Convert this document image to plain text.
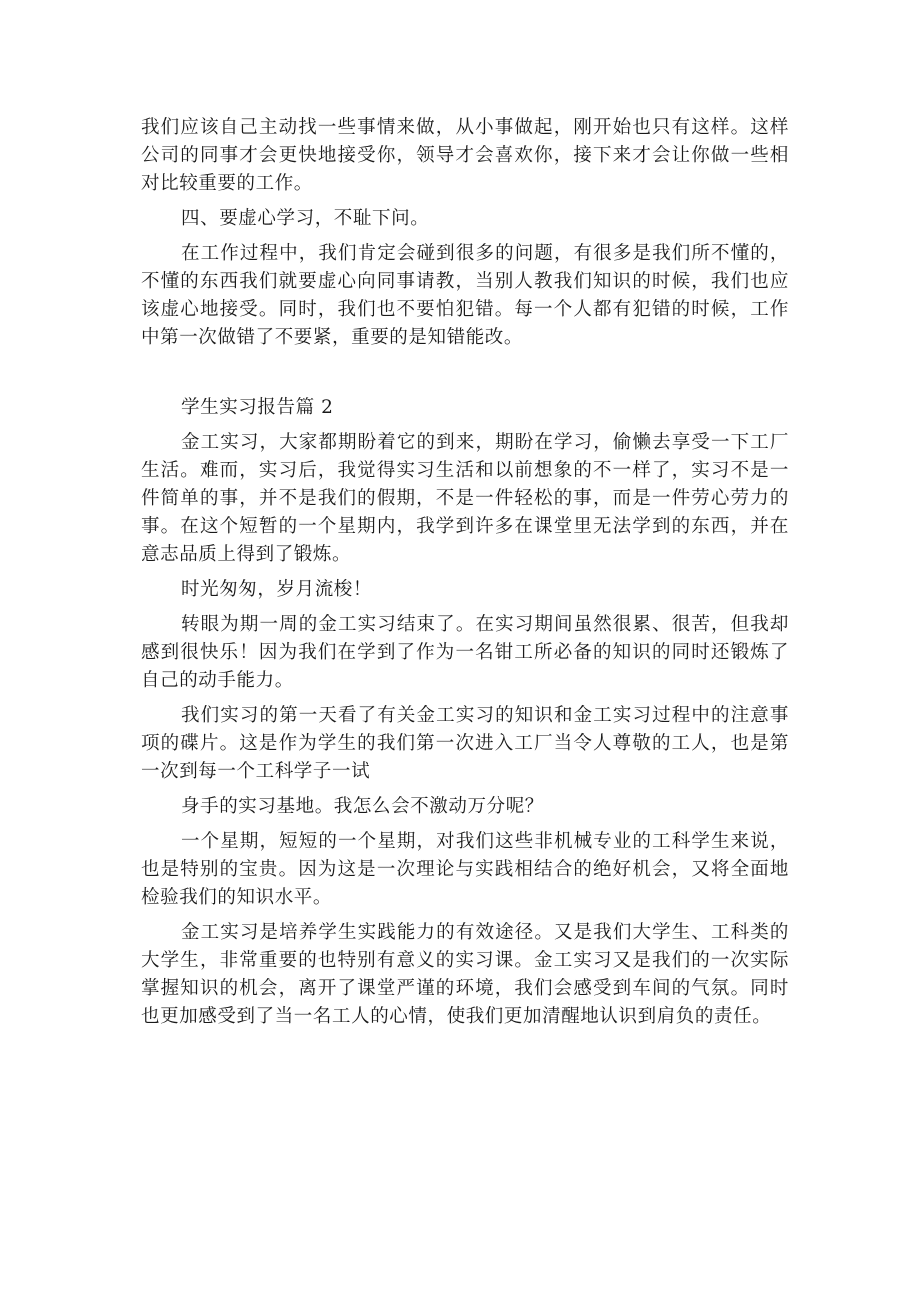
我们应该自己主动找一些事情来做，从小事做起，刚开始也只有这样。这样公司的同事才会更快地接受你，领导才会喜欢你，接下来才会让你做一些相对比较重要的工作。

四、要虚心学习，不耻下问。

在工作过程中，我们肯定会碰到很多的问题，有很多是我们所不懂的，不懂的东西我们就要虚心向同事请教，当别人教我们知识的时候，我们也应该虚心地接受。同时，我们也不要怕犯错。每一个人都有犯错的时候，工作中第一次做错了不要紧，重要的是知错能改。

学生实习报告篇 2

金工实习，大家都期盼着它的到来，期盼在学习，偷懒去享受一下工厂生活。难而，实习后，我觉得实习生活和以前想象的不一样了，实习不是一件简单的事，并不是我们的假期，不是一件轻松的事，而是一件劳心劳力的事。在这个短暂的一个星期内，我学到许多在课堂里无法学到的东西，并在意志品质上得到了锻炼。

时光匆匆，岁月流梭！

转眼为期一周的金工实习结束了。在实习期间虽然很累、很苦，但我却感到很快乐！因为我们在学到了作为一名钳工所必备的知识的同时还锻炼了自己的动手能力。

我们实习的第一天看了有关金工实习的知识和金工实习过程中的注意事项的碟片。这是作为学生的我们第一次进入工厂当令人尊敬的工人，也是第一次到每一个工科学子一试

身手的实习基地。我怎么会不激动万分呢？

一个星期，短短的一个星期，对我们这些非机械专业的工科学生来说，也是特别的宝贵。因为这是一次理论与实践相结合的绝好机会，又将全面地检验我们的知识水平。

金工实习是培养学生实践能力的有效途径。又是我们大学生、工科类的大学生，非常重要的也特别有意义的实习课。金工实习又是我们的一次实际掌握知识的机会，离开了课堂严谨的环境，我们会感受到车间的气氛。同时也更加感受到了当一名工人的心情，使我们更加清醒地认识到肩负的责任。
